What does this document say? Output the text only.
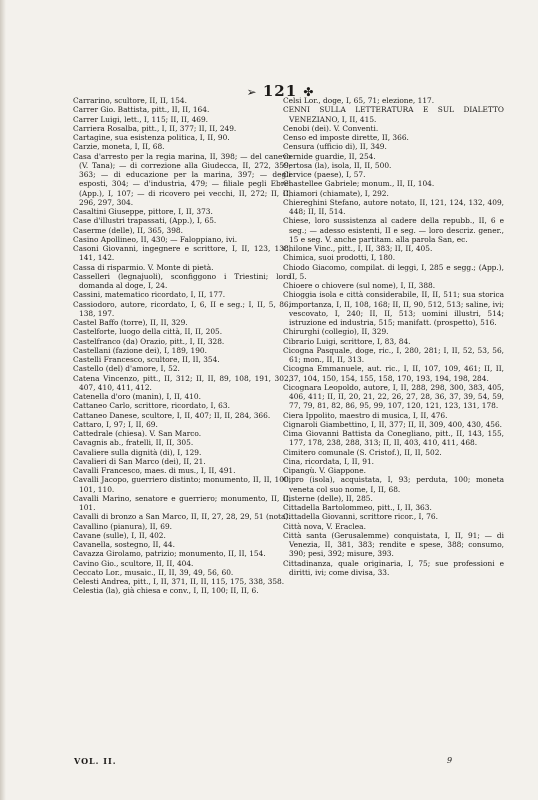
➢ 121 ✤

Carrarino, scultore, II, II, 154.

Carrer Gio. Battista, pitt., II, II, 164.

Carrer Luigi, lett., I, 115; II, II, 469.

Carriera Rosalba, pitt., I, II, 377; II, II, 249.

Cartagine, sua esistenza politica, I, II, 90.

Carzie, moneta, I, II, 68.

Casa d'arresto per la regia marina, II, 398; — del canevo (V. Tana); — di correzione alla Giudecca, II, 272, 359, 363; — di educazione per la marina, 397; — degli esposti, 304; — d'industria, 479; — filiale pegli Ebrei (App.), I, 107; — di ricovero pei vecchi, II, 272; II, II, 296, 297, 304.

Casaltini Giuseppe, pittore, I, II, 373.

Case d'illustri trapassati, (App.), I, 65.

Caserme (delle), II, 365, 398.

Casino Apollineo, II, 430; — Faloppiano, ivi.

Casoni Giovanni, ingegnere e scrittore, I, II, 123, 138, 141, 142.

Cassa di risparmio. V. Monte di pietà.

Casselleri (legnajuoli), sconfiggono i Triestini; loro domanda al doge, I, 24.

Cassini, matematico ricordato, I, II, 177.

Cassiodoro, autore, ricordato, I, 6, II e seg.; I, II, 5, 86, 138, 197.

Castel Baffo (torre), II, II, 329.

Castelforte, luogo della città, II, II, 205.

Castelfranco (da) Orazio, pitt., I, II, 328.

Castellani (fazione dei), I, 189, 190.

Castelli Francesco, scultore, II, II, 354.

Castello (del) d'amore, I, 52.

Catena Vincenzo, pitt., II, 312; II, II, 89, 108, 191, 302, 407, 410, 411, 412.

Catenella d'oro (manin), I, II, 410.

Cattaneo Carlo, scrittore, ricordato, I, 63.

Cattaneo Danese, scultore, I, II, 407; II, II, 284, 366.

Cattaro, I, 97; I, II, 69.

Cattedrale (chiesa). V. San Marco.

Cavagnis ab., fratelli, II, II, 305.

Cavaliere sulla dignità (di), I, 129.

Cavalieri di San Marco (dei), II, 21.

Cavalli Francesco, maes. di mus., I, II, 491.

Cavalli Jacopo, guerriero distinto; monumento, II, II, 100, 101, 110.

Cavalli Marino, senatore e guerriero; monumento, II, II, 101.

Cavalli di bronzo a San Marco, II, II, 27, 28, 29, 51 (nota).

Cavallino (pianura), II, 69.

Cavane (sulle), I, II, 402.

Cavanella, sostegno, II, 44.

Cavazza Girolamo, patrizio; monumento, II, II, 154.

Cavino Gio., scultore, II, II, 404.

Ceccato Lor., musaic., II, II, 39, 49, 56, 60.

Celesti Andrea, pitt., I, II, 371, II, II, 115, 175, 338, 358.

Celestia (la), già chiesa e conv., I, II, 100; II, II, 6.

Celsi Lor., doge, I, 65, 71; elezione, 117.

CENNI SULLA LETTERATURA E SUL DIALETTO VENEZIANO, I, II, 415.

Cenobi (dei). V. Conventi.

Censo ed imposte dirette, II, 366.

Censura (ufficio di), II, 349.

Cernide guardie, II, 254.

Certosa (la), isola, II, II, 500.

Cervice (paese), I, 57.

Chastellee Gabriele; monum., II, II, 104.

Chiamori (chiamate), I, 292.

Chiereghini Stefano, autore notato, II, 121, 124, 132, 409, 448; II, II, 514.

Chiese, loro sussistenza al cadere della repubb., II, 6 e seg.; — adesso esistenti, II e seg. — loro descriz. gener., 15 e seg. V. anche partitam. alla parola San, ec.

Chilone Vinc., pitt., I, II, 383; II, II, 405.

Chimica, suoi prodotti, I, 180.

Chiodo Giacomo, compilat. di leggi, I, 285 e segg.; (App.), II, 5.

Chioere o chiovere (sul nome), I, II, 388.

Chioggia isola e città considerabile, II, II, 511; sua storica importanza, I, II, 108, 168; II, II, 90, 512, 513; saline, ivi; vescovato, I, 240; II, II, 513; uomini illustri, 514; istruzione ed industria, 515; manifatt. (prospetto), 516.

Chirurghi (collegio), II, 329.

Cibrario Luigi, scrittore, I, 83, 84.

Cicogna Pasquale, doge, ric., I, 280, 281; I, II, 52, 53, 56, 61; mon., II, II, 313.

Cicogna Emmanuele, aut. ric., I, II, 107, 109, 461; II, II, 37, 104, 150, 154, 155, 158, 170, 193, 194, 198, 284.

Cicognara Leopoldo, autore, I, II, 288, 298, 300, 383, 405, 406, 411; II, II, 20, 21, 22, 26, 27, 28, 36, 37, 39, 54, 59, 77, 79, 81, 82, 86, 95, 99, 107, 120, 121, 123, 131, 178.

Ciera Ippolito, maestro di musica, I, II, 476.

Cignaroli Giambettino, I, II, 377; II, II, 309, 400, 430, 456.

Cima Giovanni Battista da Conegliano, pitt., II, 143, 155, 177, 178, 238, 288, 313; II, II, 403, 410, 411, 468.

Cimitero comunale (S. Cristof.), II, II, 502.

Cina, ricordata, I, II, 91.

Cipangù. V. Giappone.

Cipro (isola), acquistata, I, 93; perduta, 100; moneta veneta col suo nome, I, II, 68.

Cisterne (delle), II, 285.

Cittadella Bartolommeo, pitt., I, II, 363.

Cittadella Giovanni, scrittore ricor., I, 76.

Città nova, V. Eraclea.

Città santa (Gerusalemme) conquistata, I, II, 91; — di Venezia, II, 381, 383; rendite e spese, 388; consumo, 390; pesi, 392; misure, 393.

Cittadinanza, quale originaria, I, 75; sue professioni e diritti, ivi; come divisa, 33.

VOL. II.	9
